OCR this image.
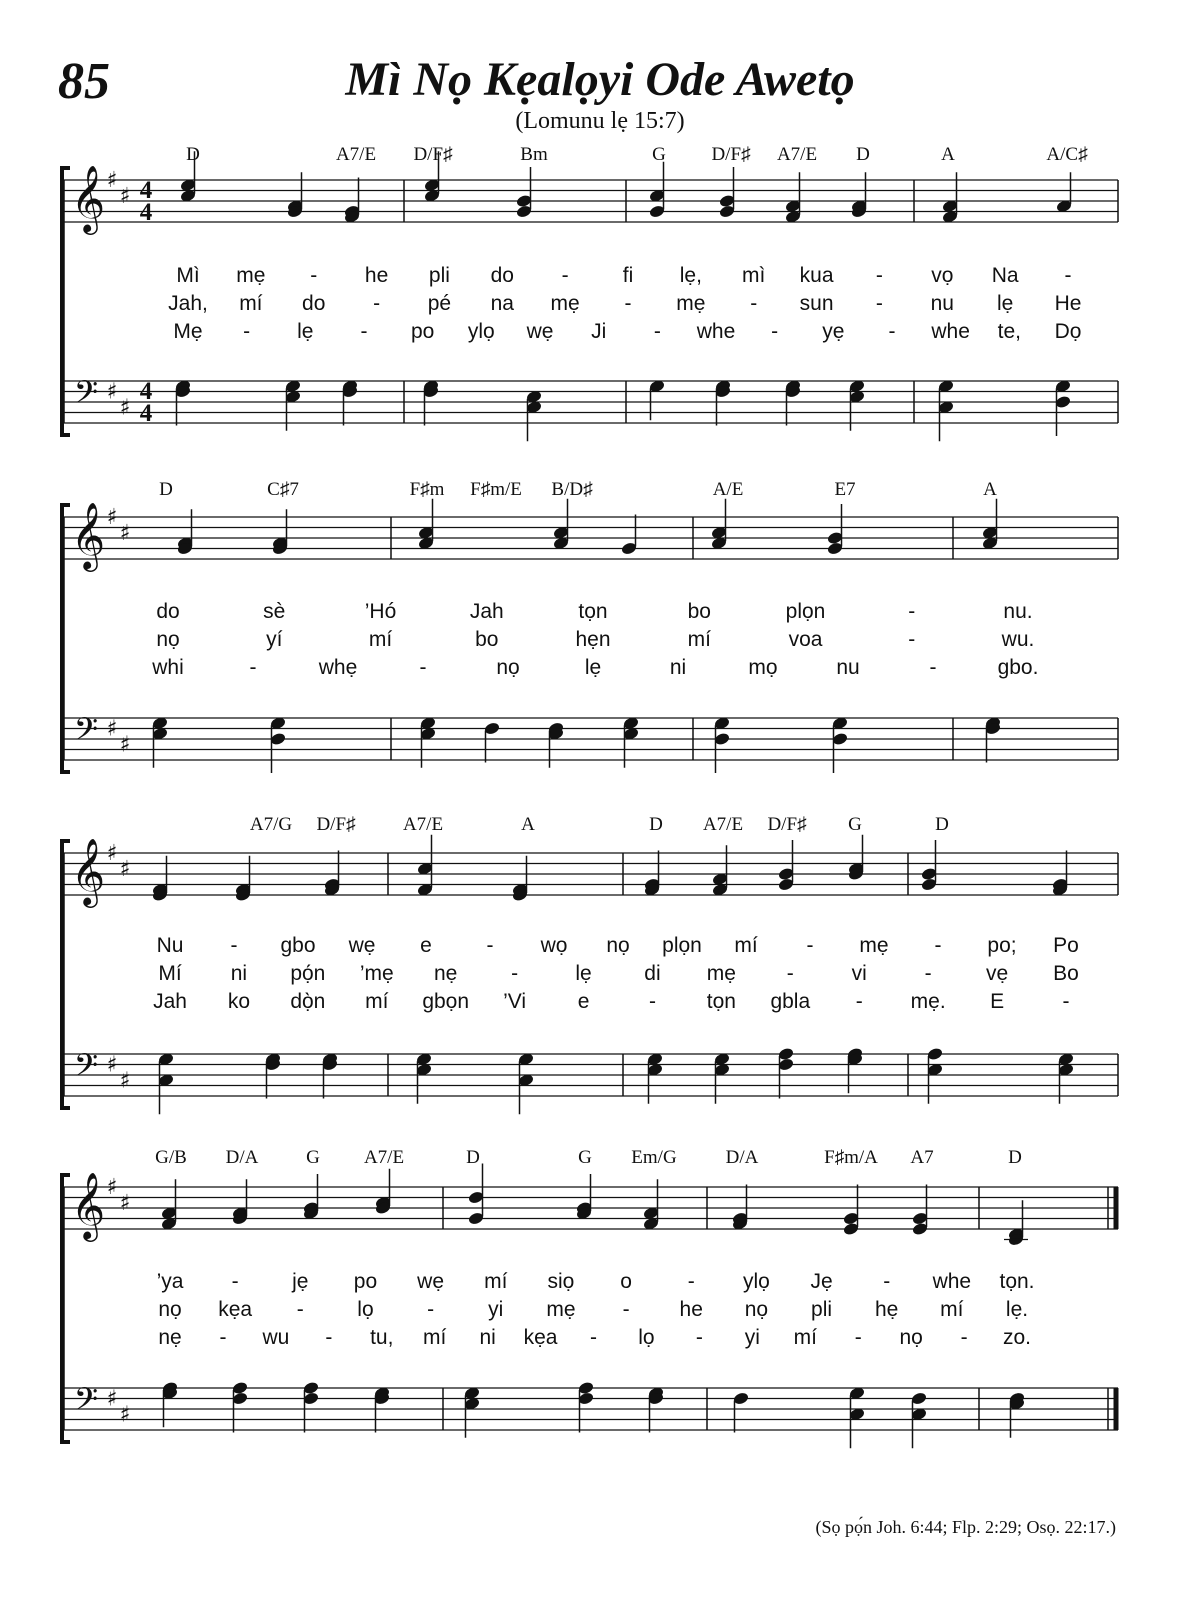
85	Mì Nọ Kẹalọyi Ode Awetọ
(Lomunu lẹ 15:7)
𝄞
𝄢
♯
♯
♯
♯
4
4
4
4
D	A7/E D/F♯	Bm	G D/F♯ A7/E D	A	A/C♯
Mì mẹ - he pli do -	fi lẹ, mì kua - vọ Na -
Jah, mí do - pé na mẹ - mẹ - sun - nu lẹ He
Mẹ - lẹ - po ylọ wẹ Ji - whe - yẹ - whe te, Dọ
𝄞
𝄢
♯
♯
♯
♯
D	C♯7	F♯m F♯m/E B/D♯	A/E	E7	A
do	sè	’Hó	Jah	tọn	bo	plọn	-	nu.
nọ	yí	mí	bo	hẹn	mí	voa	-	wu.
whi	-	whẹ	-	nọ	lẹ	ni	mọ	nu	-	gbo.
𝄞
𝄢
♯
♯
♯
♯
A7/G D/F♯ A7/E	A	D A7/E D/F♯ G	D
Nu - gbo wẹ e	- wọ nọ plọn mí - mẹ - po; Po
Mí ni pọ́n ’mẹ nẹ	-	lẹ	di mẹ -	vi	-	vẹ Bo
Jah ko dọ̀n mí gbọn ’Vi e	- tọn gbla - mẹ. E	-
𝄞
𝄢
♯
♯
♯
♯
G/B D/A	G A7/E	D	G Em/G	D/A	F♯m/A A7	D
’ya -	jẹ po wẹ mí siọ o	- ylọ Jẹ - whe tọn.
nọ kẹa -	lọ	-	yi mẹ - he nọ pli hẹ mí lẹ.
nẹ - wu - tu, mí ni kẹa - lọ - yi mí - nọ - zo.
(Sọ pọ́n Joh. 6:44; Flp. 2:29; Osọ. 22:17.)
